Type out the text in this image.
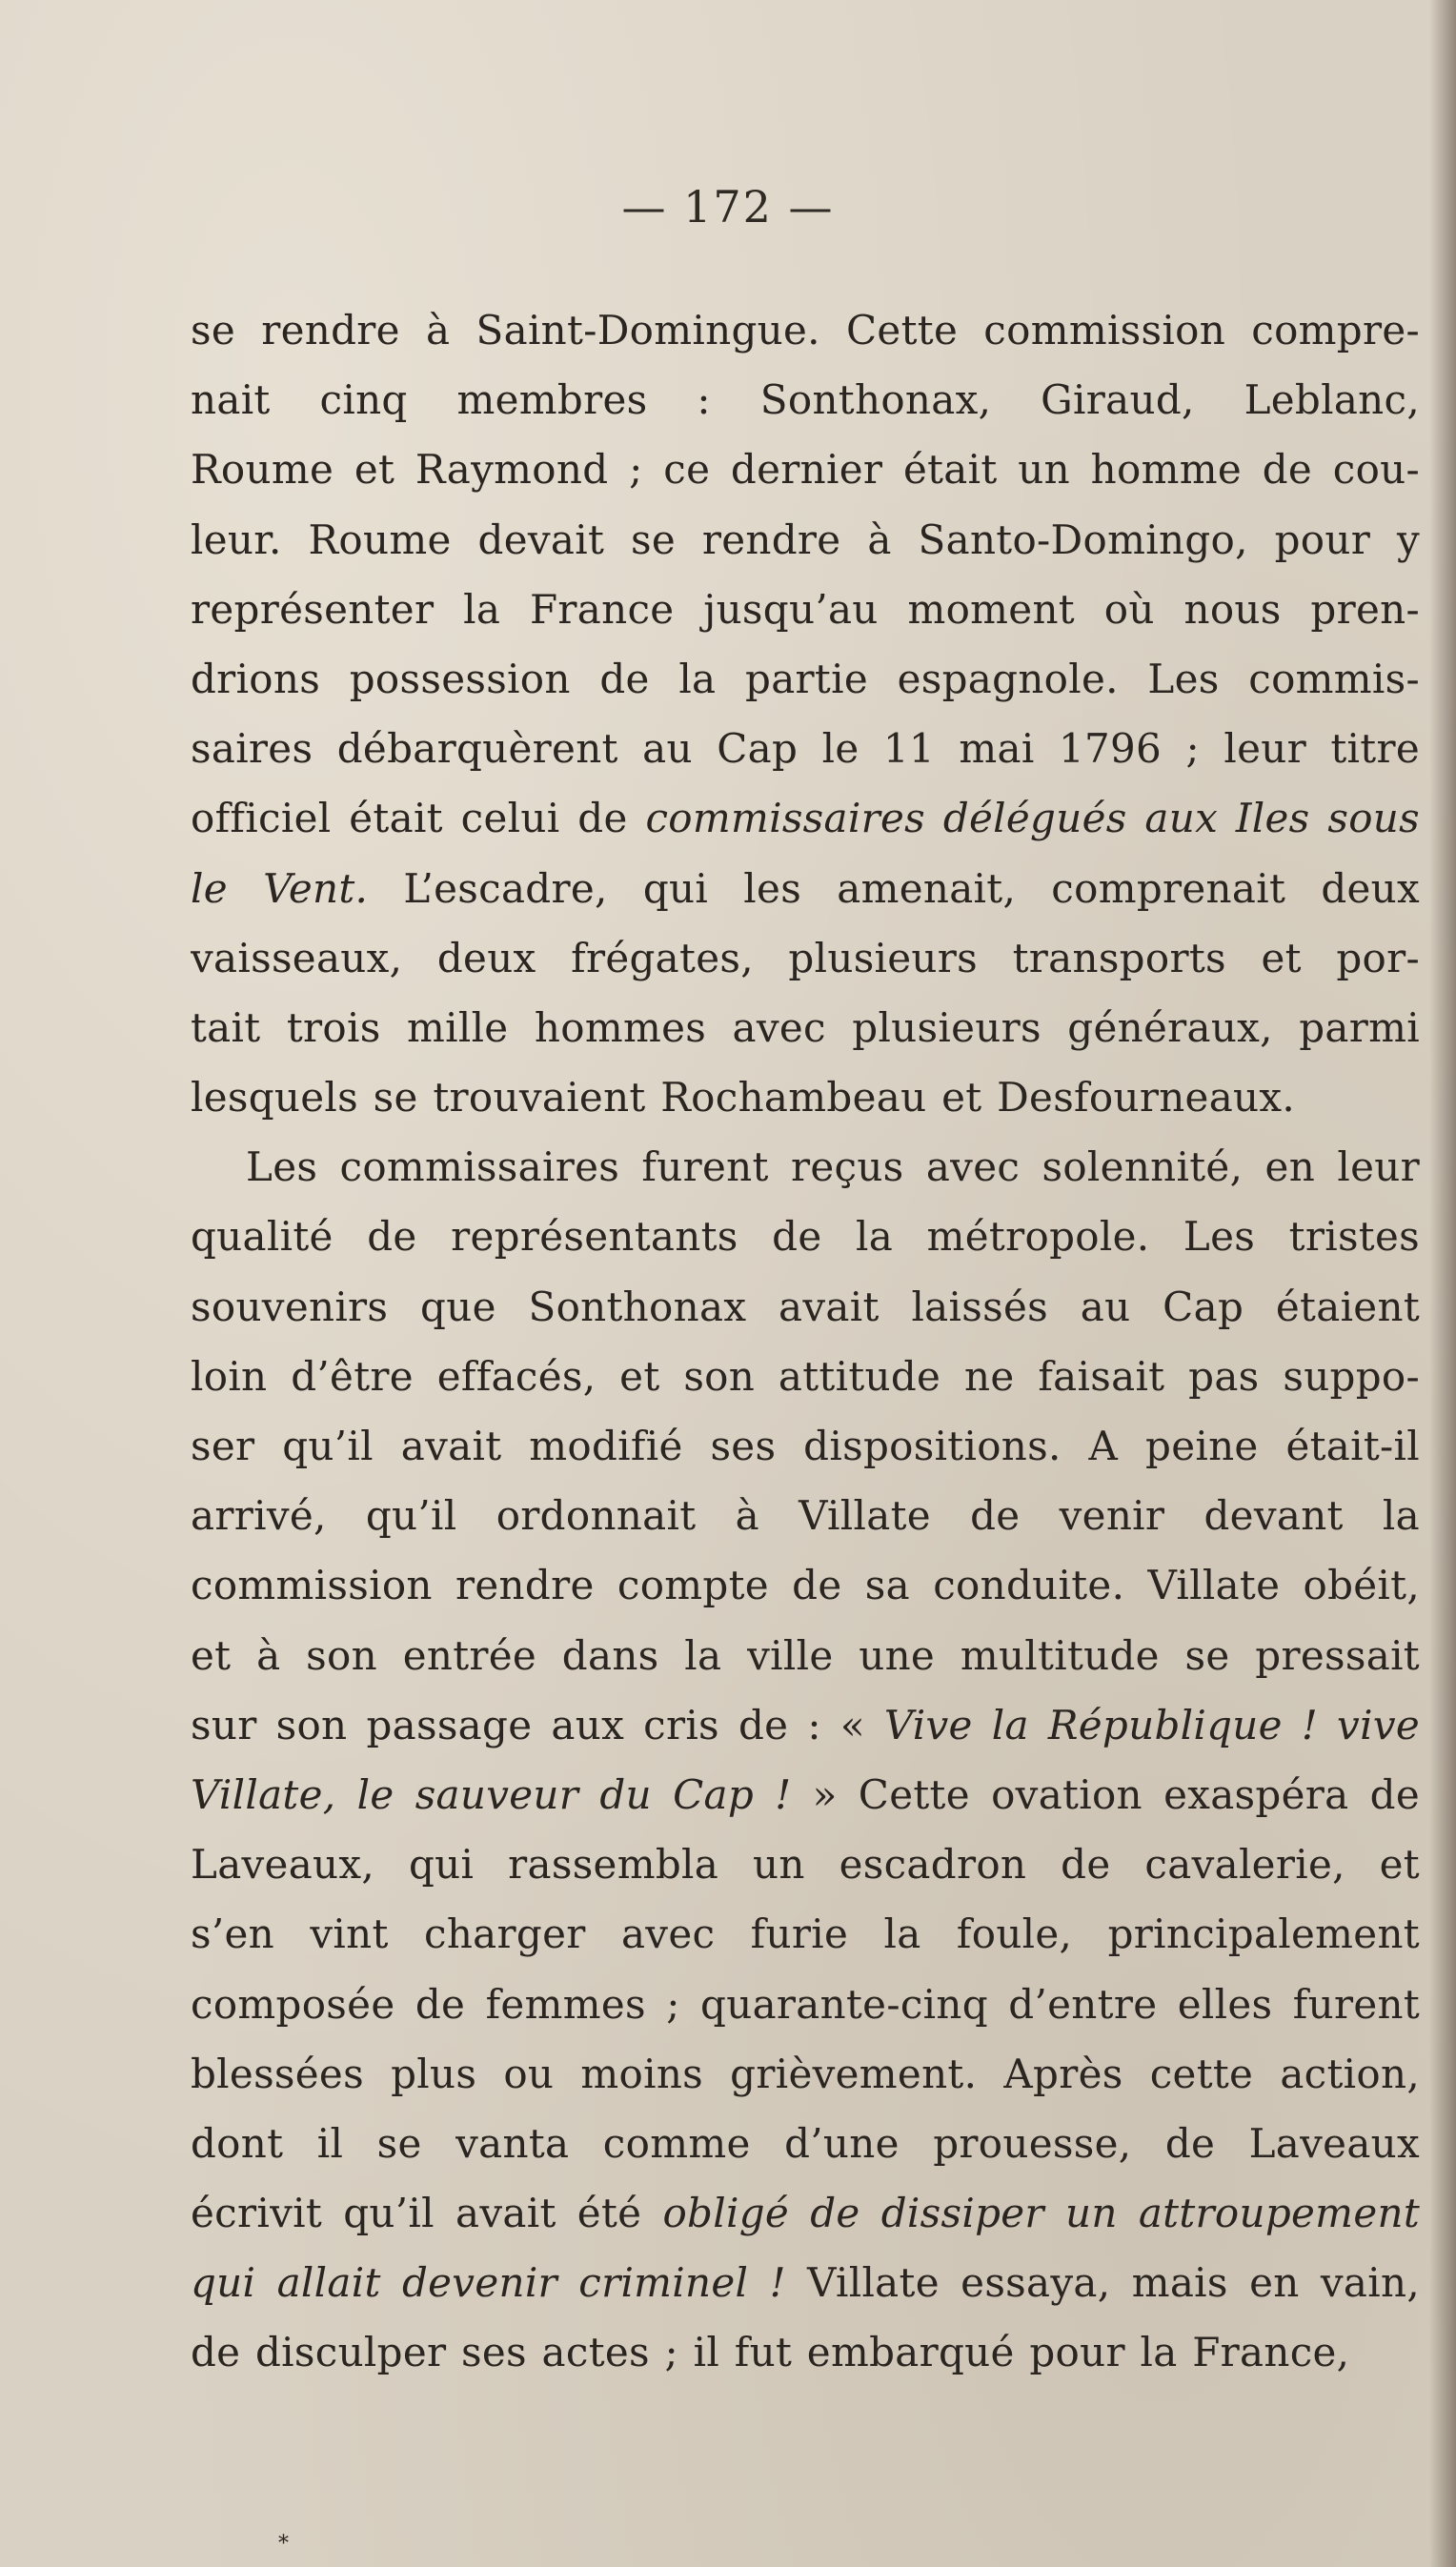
— 172 —
se rendre à Saint-Domingue. Cette commission compre-
nait cinq membres : Sonthonax, Giraud, Leblanc,
Roume et Raymond ; ce dernier était un homme de cou-
leur. Roume devait se rendre à Santo-Domingo, pour y
représenter la France jusqu’au moment où nous pren-
drions possession de la partie espagnole. Les commis-
saires débarquèrent au Cap le 11 mai 1796 ; leur titre
officiel était celui de commissaires délégués aux Iles sous
le Vent. L’escadre, qui les amenait, comprenait deux
vaisseaux, deux frégates, plusieurs transports et por-
tait trois mille hommes avec plusieurs généraux, parmi
lesquels se trouvaient Rochambeau et Desfourneaux.
Les commissaires furent reçus avec solennité, en leur
qualité de représentants de la métropole. Les tristes
souvenirs que Sonthonax avait laissés au Cap étaient
loin d’être effacés, et son attitude ne faisait pas suppo-
ser qu’il avait modifié ses dispositions. A peine était-il
arrivé, qu’il ordonnait à Villate de venir devant la
commission rendre compte de sa conduite. Villate obéit,
et à son entrée dans la ville une multitude se pressait
sur son passage aux cris de : « Vive la République ! vive
Villate, le sauveur du Cap ! » Cette ovation exaspéra de
Laveaux, qui rassembla un escadron de cavalerie, et
s’en vint charger avec furie la foule, principalement
composée de femmes ; quarante-cinq d’entre elles furent
blessées plus ou moins grièvement. Après cette action,
dont il se vanta comme d’une prouesse, de Laveaux
écrivit qu’il avait été obligé de dissiper un attroupement
qui allait devenir criminel ! Villate essaya, mais en vain,
de disculper ses actes ; il fut embarqué pour la France,
⁎
